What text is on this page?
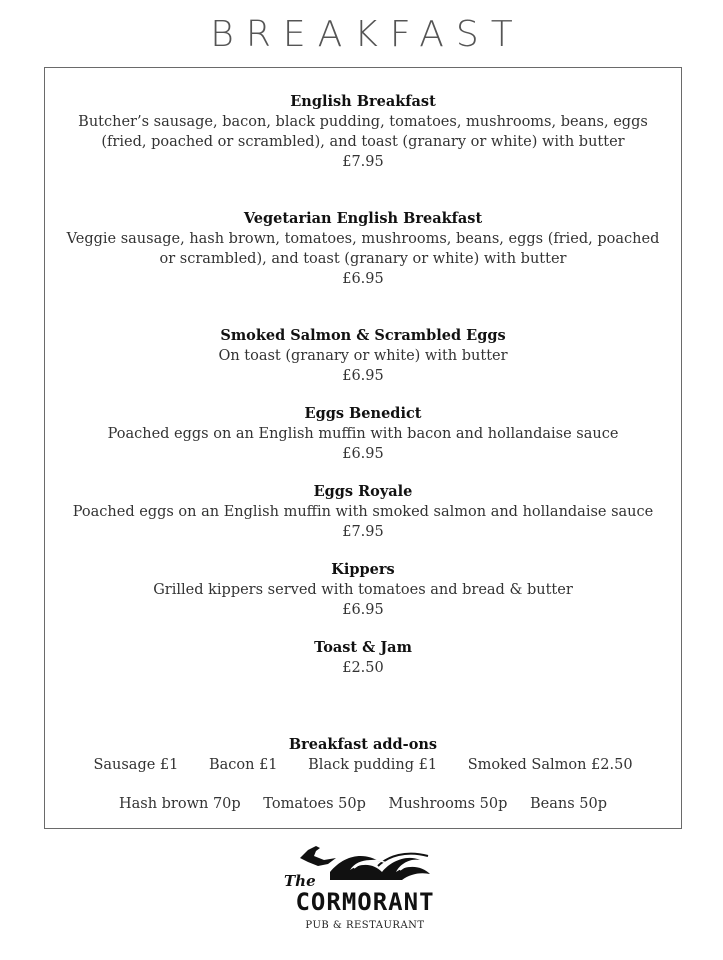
BREAKFAST
English Breakfast
Butcher’s sausage, bacon, black pudding, tomatoes, mushrooms, beans, eggs (fried, poached or scrambled), and toast (granary or white) with butter
£7.95
Vegetarian English Breakfast
Veggie sausage, hash brown, tomatoes, mushrooms, beans, eggs (fried, poached or scrambled), and toast (granary or white) with butter
£6.95
Smoked Salmon & Scrambled Eggs
On toast (granary or white) with butter
£6.95
Eggs Benedict
Poached eggs on an English muffin with bacon and hollandaise sauce
£6.95
Eggs Royale
Poached eggs on an English muffin with smoked salmon and hollandaise sauce
£7.95
Kippers
Grilled kippers served with tomatoes and bread & butter
£6.95
Toast & Jam
£2.50
Breakfast add-ons
Sausage £1 Bacon £1 Black pudding £1 Smoked Salmon £2.50
Hash brown 70p Tomatoes 50p Mushrooms 50p Beans 50p
The
CORMORANT
PUB & RESTAURANT
